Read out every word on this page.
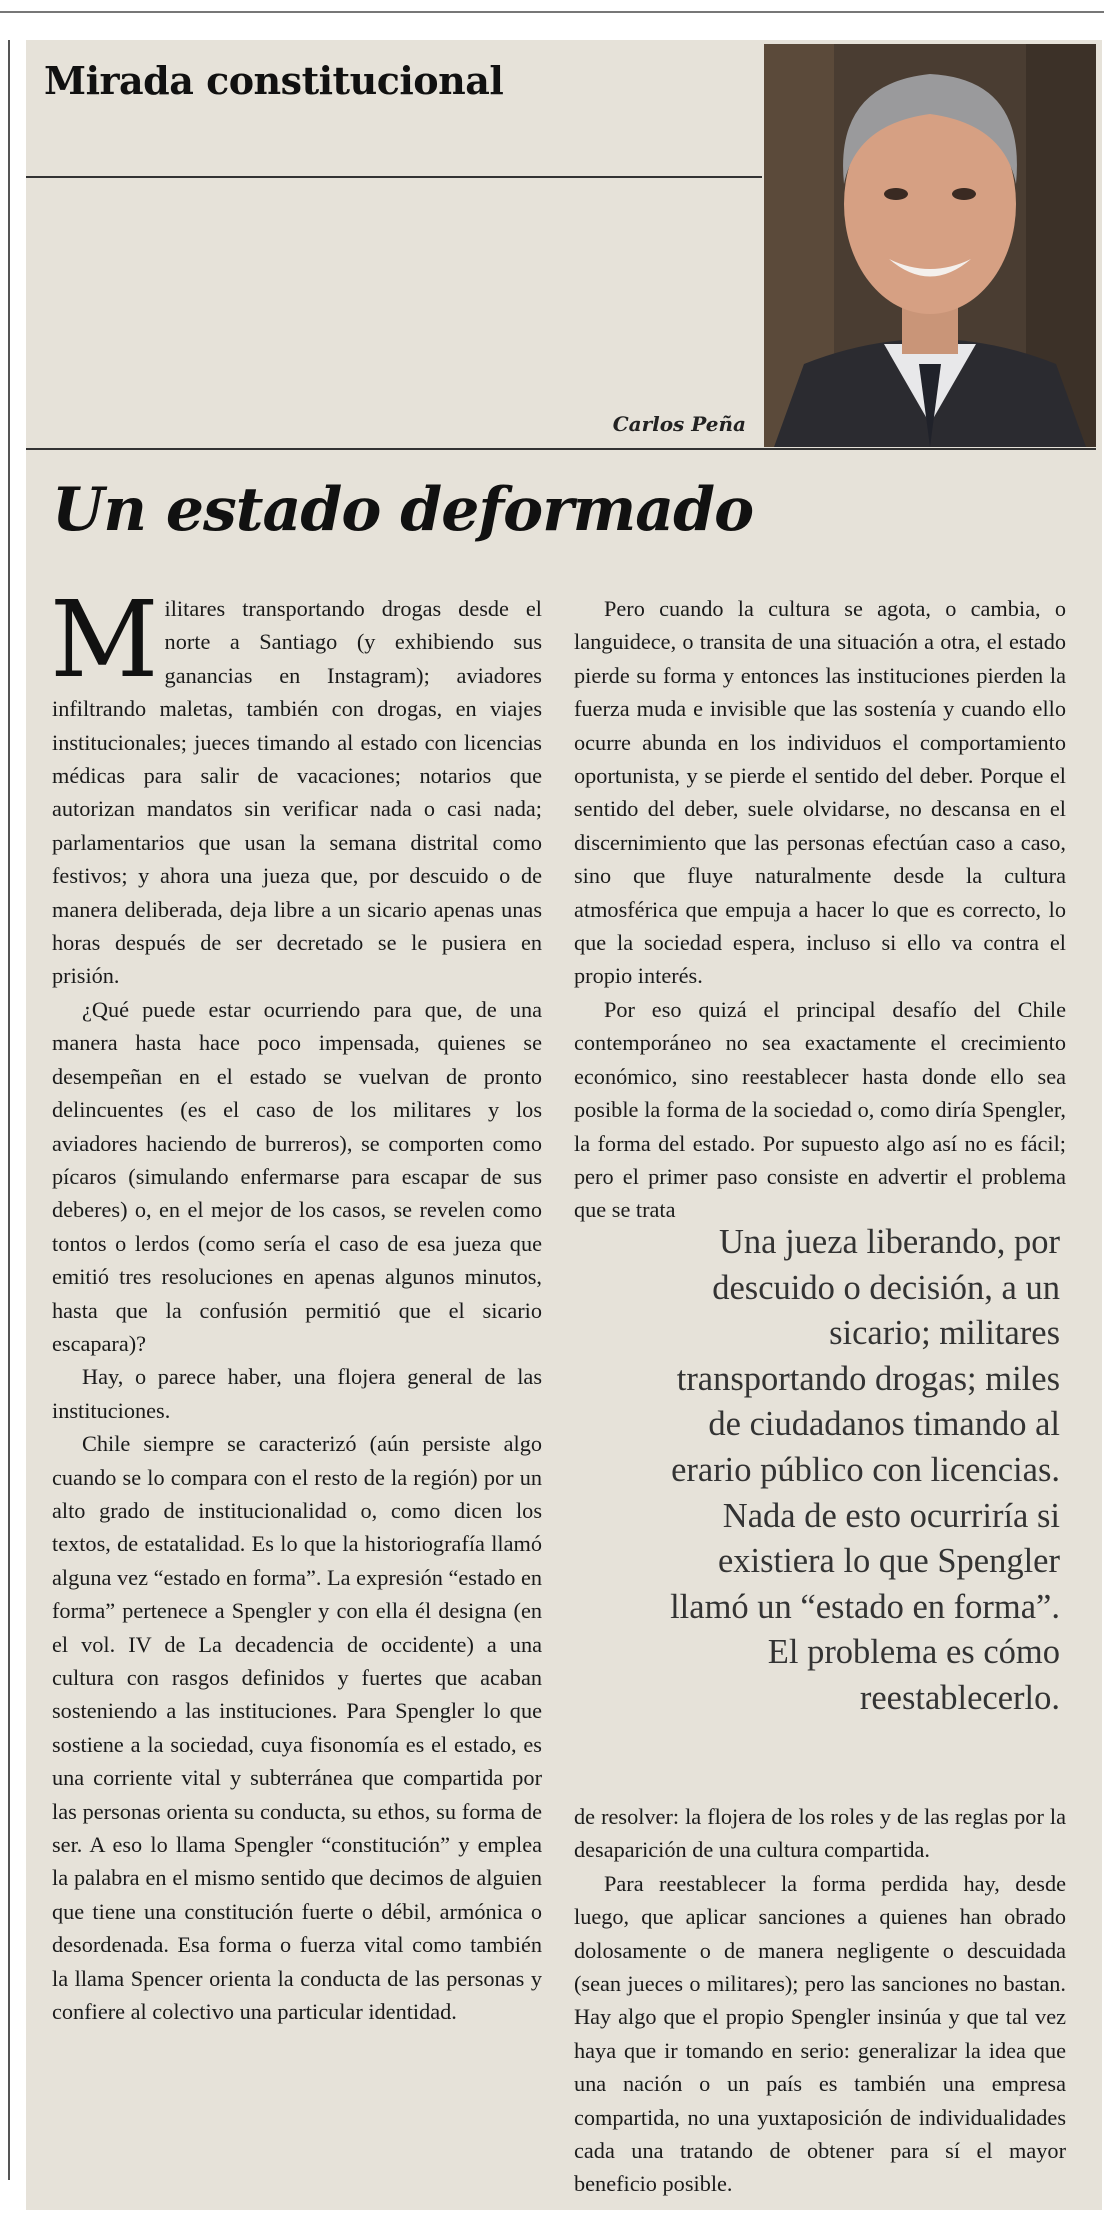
Mirada constitucional
Carlos Peña
Un estado deformado

Militares transportando drogas desde el norte a Santiago (y exhibiendo sus ganancias en Instagram); aviadores infiltrando maletas, también con drogas, en viajes institucionales; jueces timando al estado con licencias médicas para salir de vacaciones; notarios que autorizan mandatos sin verificar nada o casi nada; parlamentarios que usan la semana distrital como festivos; y ahora una jueza que, por descuido o de manera deliberada, deja libre a un sicario apenas unas horas después de ser decretado se le pusiera en prisión.

¿Qué puede estar ocurriendo para que, de una manera hasta hace poco impensada, quienes se desempeñan en el estado se vuelvan de pronto delincuentes (es el caso de los militares y los aviadores haciendo de burreros), se comporten como pícaros (simulando enfermarse para escapar de sus deberes) o, en el mejor de los casos, se revelen como tontos o lerdos (como sería el caso de esa jueza que emitió tres resoluciones en apenas algunos minutos, hasta que la confusión permitió que el sicario escapara)?

Hay, o parece haber, una flojera general de las instituciones.

Chile siempre se caracterizó (aún persiste algo cuando se lo compara con el resto de la región) por un alto grado de institucionalidad o, como dicen los textos, de estatalidad. Es lo que la historiografía llamó alguna vez “estado en forma”. La expresión “estado en forma” pertenece a Spengler y con ella él designa (en el vol. IV de La decadencia de occidente) a una cultura con rasgos definidos y fuertes que acaban sosteniendo a las instituciones. Para Spengler lo que sostiene a la sociedad, cuya fisonomía es el estado, es una corriente vital y subterránea que compartida por las personas orienta su conducta, su ethos, su forma de ser. A eso lo llama Spengler “constitución” y emplea la palabra en el mismo sentido que decimos de alguien que tiene una constitución fuerte o débil, armónica o desordenada. Esa forma o fuerza vital como también la llama Spencer orienta la conducta de las personas y confiere al colectivo una particular identidad.

Pero cuando la cultura se agota, o cambia, o languidece, o transita de una situación a otra, el estado pierde su forma y entonces las instituciones pierden la fuerza muda e invisible que las sostenía y cuando ello ocurre abunda en los individuos el comportamiento oportunista, y se pierde el sentido del deber. Porque el sentido del deber, suele olvidarse, no descansa en el discernimiento que las personas efectúan caso a caso, sino que fluye naturalmente desde la cultura atmosférica que empuja a hacer lo que es correcto, lo que la sociedad espera, incluso si ello va contra el propio interés.

Por eso quizá el principal desafío del Chile contemporáneo no sea exactamente el crecimiento económico, sino reestablecer hasta donde ello sea posible la forma de la sociedad o, como diría Spengler, la forma del estado. Por supuesto algo así no es fácil; pero el primer paso consiste en advertir el problema que se trata

Una jueza liberando, por descuido o decisión, a un sicario; militares transportando drogas; miles de ciudadanos timando al erario público con licencias. Nada de esto ocurriría si existiera lo que Spengler llamó un “estado en forma”. El problema es cómo reestablecerlo.

de resolver: la flojera de los roles y de las reglas por la desaparición de una cultura compartida.

Para reestablecer la forma perdida hay, desde luego, que aplicar sanciones a quienes han obrado dolosamente o de manera negligente o descuidada (sean jueces o militares); pero las sanciones no bastan. Hay algo que el propio Spengler insinúa y que tal vez haya que ir tomando en serio: generalizar la idea que una nación o un país es también una empresa compartida, no una yuxtaposición de individualidades cada una tratando de obtener para sí el mayor beneficio posible.
